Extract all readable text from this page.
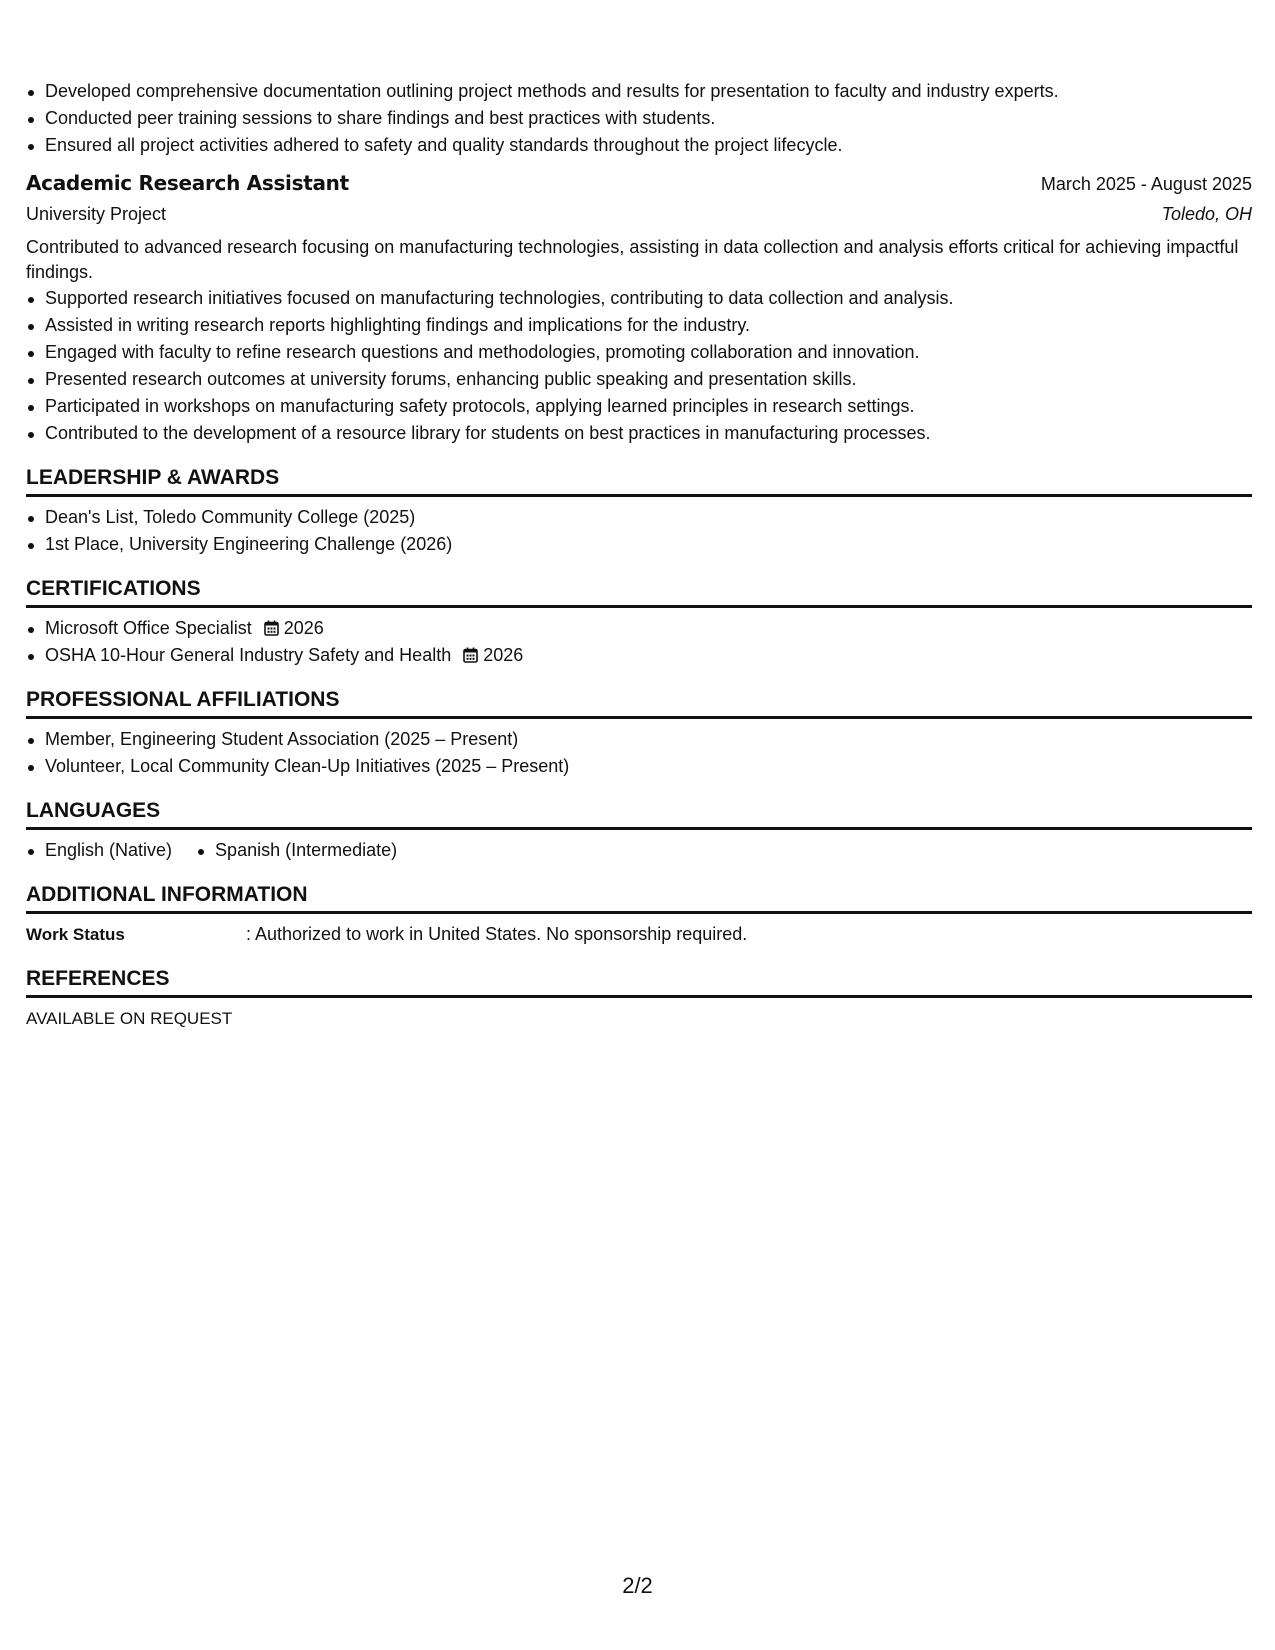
Developed comprehensive documentation outlining project methods and results for presentation to faculty and industry experts.
Conducted peer training sessions to share findings and best practices with students.
Ensured all project activities adhered to safety and quality standards throughout the project lifecycle.
Academic Research Assistant	March 2025 - August 2025
University Project	Toledo, OH

Contributed to advanced research focusing on manufacturing technologies, assisting in data collection and analysis efforts critical for achieving impactful findings.

Supported research initiatives focused on manufacturing technologies, contributing to data collection and analysis.
Assisted in writing research reports highlighting findings and implications for the industry.
Engaged with faculty to refine research questions and methodologies, promoting collaboration and innovation.
Presented research outcomes at university forums, enhancing public speaking and presentation skills.
Participated in workshops on manufacturing safety protocols, applying learned principles in research settings.
Contributed to the development of a resource library for students on best practices in manufacturing processes.
LEADERSHIP & AWARDS
Dean's List, Toledo Community College (2025)
1st Place, University Engineering Challenge (2026)
CERTIFICATIONS
Microsoft Office Specialist 2026
OSHA 10-Hour General Industry Safety and Health 2026
PROFESSIONAL AFFILIATIONS
Member, Engineering Student Association (2025 – Present)
Volunteer, Local Community Clean-Up Initiatives (2025 – Present)
LANGUAGES
English (Native)	Spanish (Intermediate)
ADDITIONAL INFORMATION
Work Status	: Authorized to work in United States. No sponsorship required.
REFERENCES

AVAILABLE ON REQUEST

2/2
